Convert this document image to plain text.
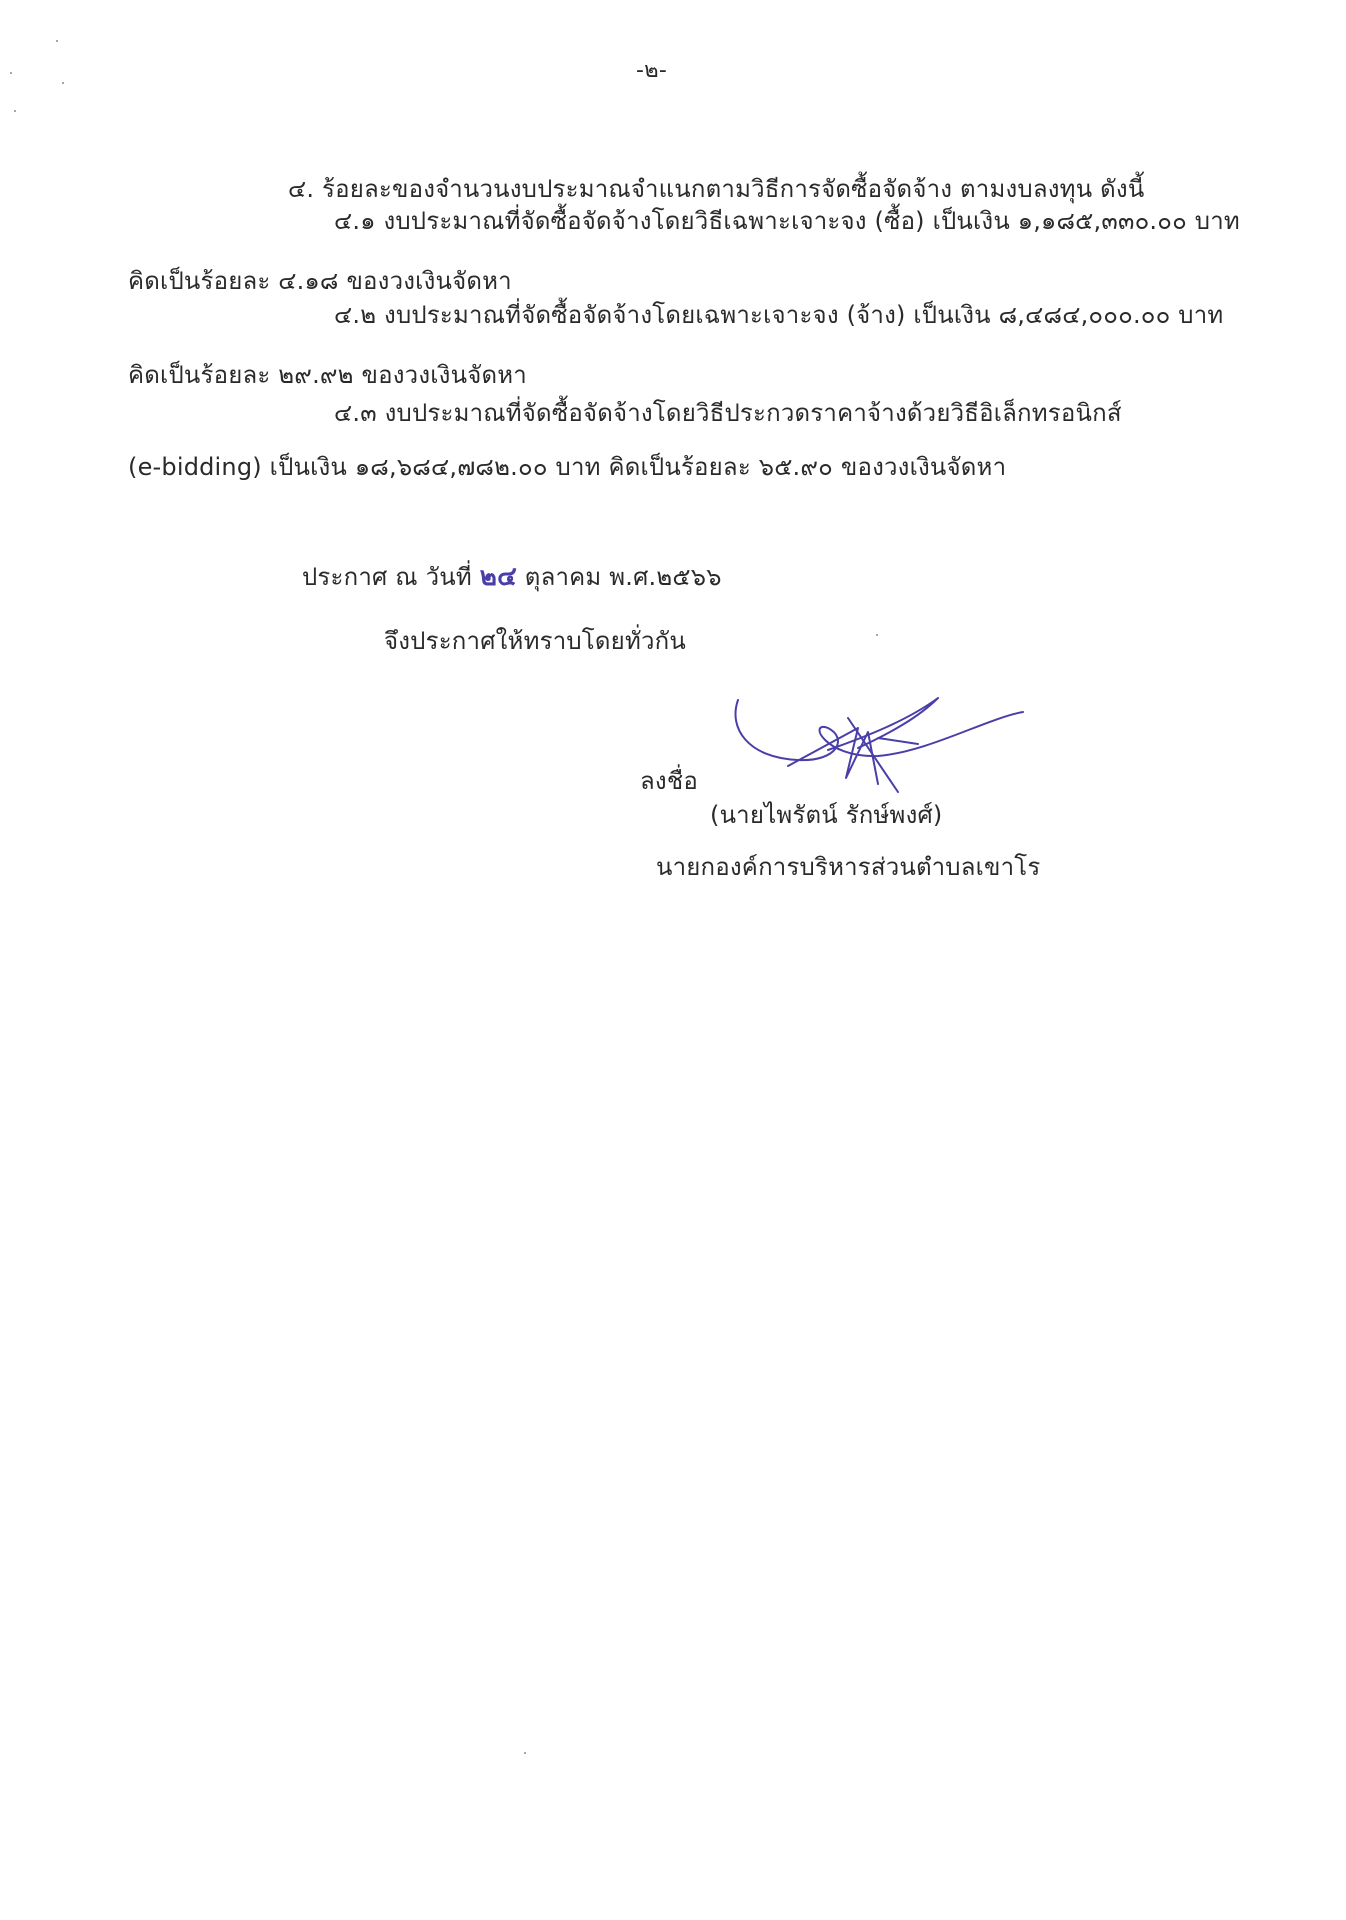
-๒-
๔. ร้อยละของจำนวนงบประมาณจำแนกตามวิธีการจัดซื้อจัดจ้าง ตามงบลงทุน ดังนี้
๔.๑ งบประมาณที่จัดซื้อจัดจ้างโดยวิธีเฉพาะเจาะจง (ซื้อ) เป็นเงิน ๑,๑๘๕,๓๓๐.๐๐ บาท
คิดเป็นร้อยละ ๔.๑๘ ของวงเงินจัดหา
๔.๒ งบประมาณที่จัดซื้อจัดจ้างโดยเฉพาะเจาะจง (จ้าง) เป็นเงิน ๘,๔๘๔,๐๐๐.๐๐ บาท
คิดเป็นร้อยละ ๒๙.๙๒ ของวงเงินจัดหา
๔.๓ งบประมาณที่จัดซื้อจัดจ้างโดยวิธีประกวดราคาจ้างด้วยวิธีอิเล็กทรอนิกส์
(e-bidding) เป็นเงิน ๑๘,๖๘๔,๗๘๒.๐๐ บาท คิดเป็นร้อยละ ๖๕.๙๐ ของวงเงินจัดหา
ประกาศ ณ วันที่ ๒๔ ตุลาคม พ.ศ.๒๕๖๖
จึงประกาศให้ทราบโดยทั่วกัน
ลงชื่อ
(นายไพรัตน์ รักษ์พงศ์)
นายกองค์การบริหารส่วนตำบลเขาโร
